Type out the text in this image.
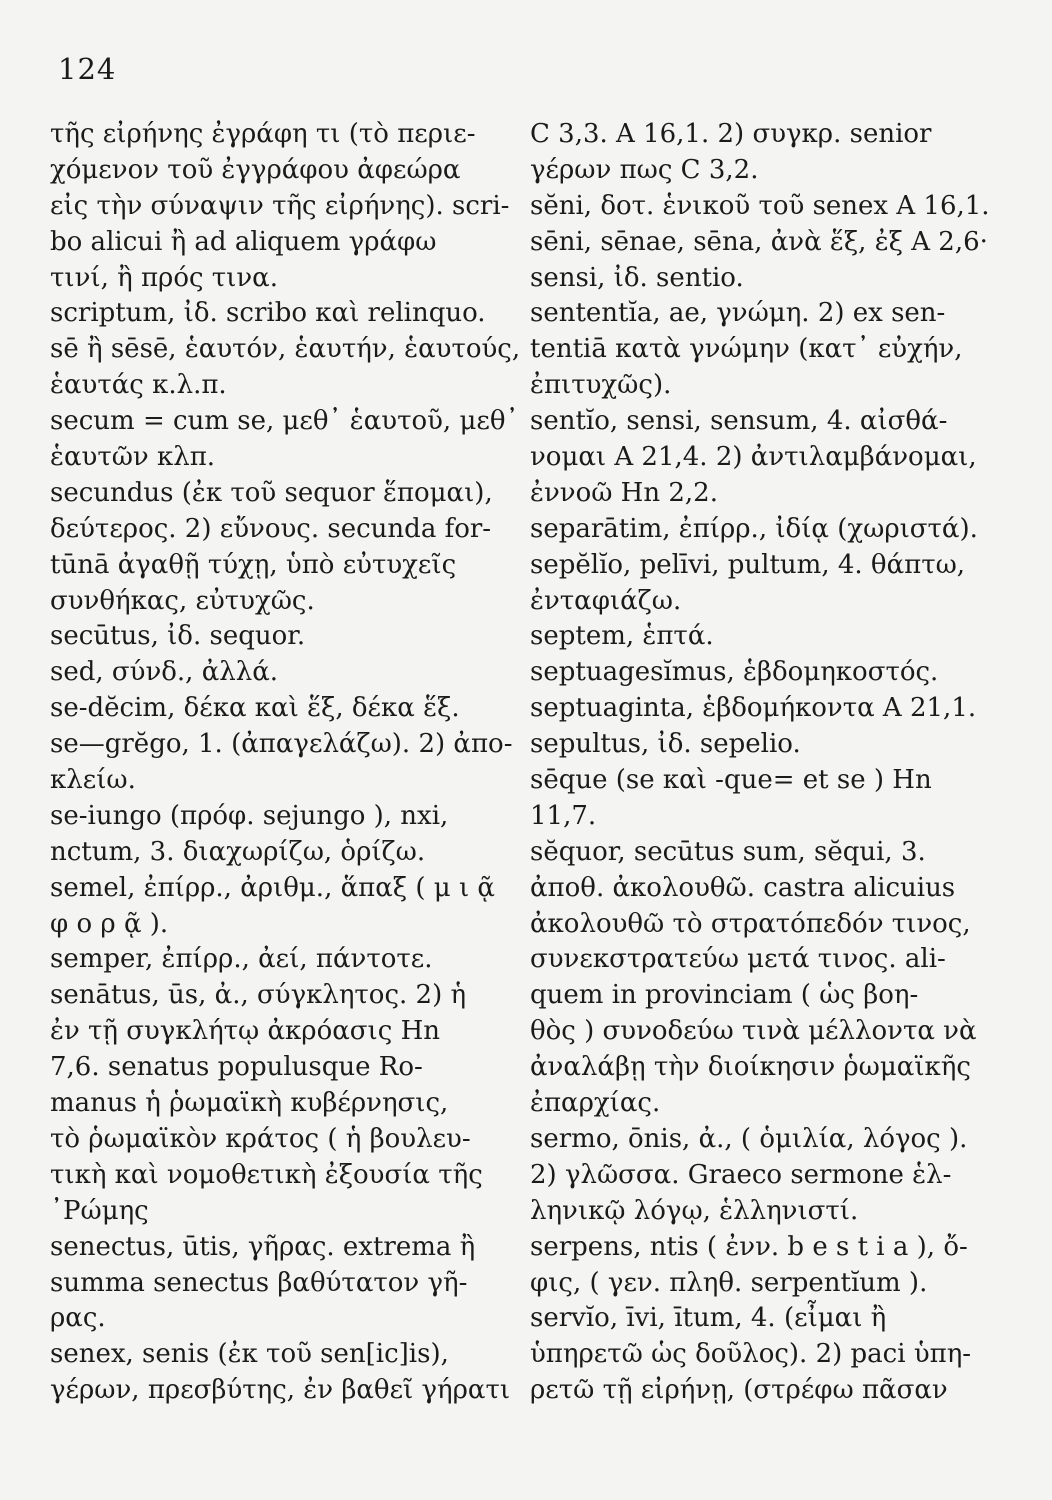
124
τῆς εἰρήνης ἐγράφη τι (τὸ περιε-
χόμενον τοῦ ἐγγράφου ἀφεώρα
εἰς τὴν σύναψιν τῆς εἰρήνης). scri-
bo alicui ἢ ad aliquem γράφω
τινί, ἢ πρός τινα.
scriptum, ἰδ. scribo καὶ relinquo.
sē ἢ sēsē, ἑαυτόν, ἑαυτήν, ἑαυτούς,
ἑαυτάς κ.λ.π.
secum = cum se, μεθ᾿ ἑαυτοῦ, μεθ᾿
ἑαυτῶν κλπ.
secundus (ἐκ τοῦ sequor ἕπομαι),
δεύτερος. 2) εὔνους. secunda for-
tūnā ἀγαθῇ τύχῃ, ὑπὸ εὐτυχεῖς
συνθήκας, εὐτυχῶς.
secūtus, ἰδ. sequor.
sed, σύνδ., ἀλλά.
se-dĕcim, δέκα καὶ ἕξ, δέκα ἕξ.
se—grĕgo, 1. (ἀπαγελάζω). 2) ἀπο-
κλείω.
se-iungo (πρόφ. sejungo ), nxi,
nctum, 3. διαχωρίζω, ὁρίζω.
semel, ἐπίρρ., ἀριθμ., ἅπαξ ( μ ι ᾷ
φ ο ρ ᾷ ).
semper, ἐπίρρ., ἀεί, πάντοτε.
senātus, ūs, ἀ., σύγκλητος. 2) ἡ
ἐν τῇ συγκλήτῳ ἀκρόασις Hn
7,6. senatus populusque Ro-
manus ἡ ῥωμαϊκὴ κυβέρνησις,
τὸ ῥωμαϊκὸν κράτος ( ἡ βουλευ-
τικὴ καὶ νομοθετικὴ ἐξουσία τῆς
᾿Ρώμης
senectus, ūtis, γῆρας. extrema ἢ
summa senectus βαθύτατον γῆ-
ρας.
senex, senis (ἐκ τοῦ sen[ic]is),
γέρων, πρεσβύτης, ἐν βαθεῖ γήρατι
C 3,3. A 16,1. 2) συγκρ. senior
γέρων πως C 3,2.
sĕni, δοτ. ἑνικοῦ τοῦ senex A 16,1.
sēni, sēnae, sēna, ἀνὰ ἕξ, ἐξ A 2,6·
sensi, ἰδ. sentio.
sententĭa, ae, γνώμη. 2) ex sen-
tentiā κατὰ γνώμην (κατ᾿ εὐχήν,
ἐπιτυχῶς).
sentĭo, sensi, sensum, 4. αἰσθά-
νομαι A 21,4. 2) ἀντιλαμβάνομαι,
ἐννοῶ Hn 2,2.
separātim, ἐπίρρ., ἰδίᾳ (χωριστά).
sepĕlĭo, pelīvi, pultum, 4. θάπτω,
ἐνταφιάζω.
septem, ἑπτά.
septuagesĭmus, ἑβδομηκοστός.
septuaginta, ἑβδομήκοντα A 21,1.
sepultus, ἰδ. sepelio.
sēque (se καὶ -que= et se ) Hn
11,7.
sĕquor, secūtus sum, sĕqui, 3.
ἀποθ. ἀκολουθῶ. castra alicuius
ἀκολουθῶ τὸ στρατόπεδόν τινος,
συνεκστρατεύω μετά τινος. ali-
quem in provinciam ( ὡς βοη-
θὸς ) συνοδεύω τινὰ μέλλοντα νὰ
ἀναλάβῃ τὴν διοίκησιν ῥωμαϊκῆς
ἐπαρχίας.
sermo, ōnis, ἀ., ( ὁμιλία, λόγος ).
2) γλῶσσα. Graeco sermone ἑλ-
ληνικῷ λόγῳ, ἑλληνιστί.
serpens, ntis ( ἐνν. b e s t i a ), ὄ-
φις, ( γεν. πληθ. serpentĭum ).
servĭo, īvi, ītum, 4. (εἶμαι ἢ
ὑπηρετῶ ὡς δοῦλος). 2) paci ὑπη-
ρετῶ τῇ εἰρήνῃ, (στρέφω πᾶσαν
